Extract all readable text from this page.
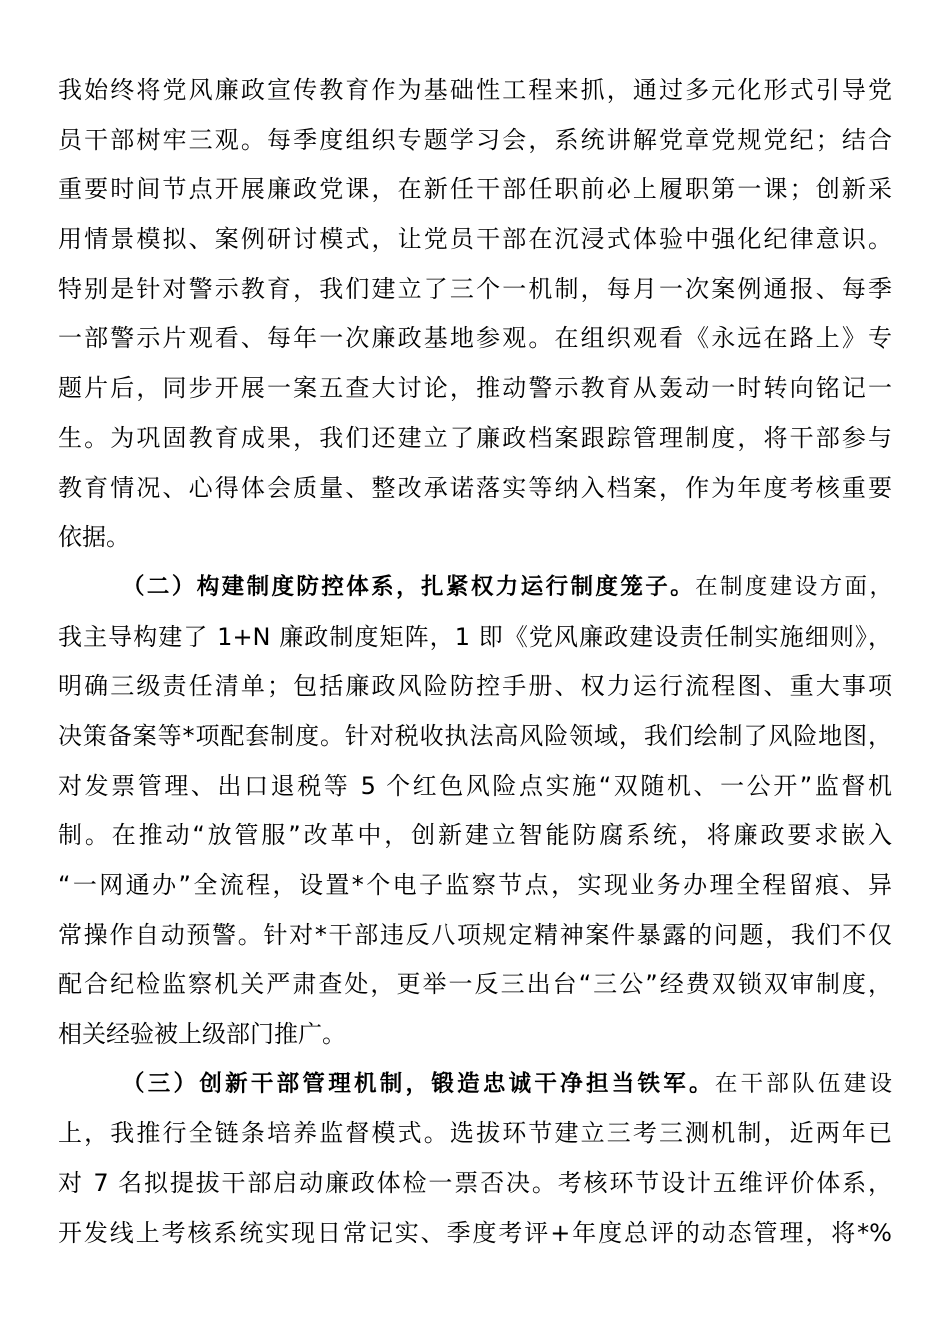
我始终将党风廉政宣传教育作为基础性工程来抓，通过多元化形式引导党
员干部树牢三观。每季度组织专题学习会，系统讲解党章党规党纪；结合
重要时间节点开展廉政党课，在新任干部任职前必上履职第一课；创新采
用情景模拟、案例研讨模式，让党员干部在沉浸式体验中强化纪律意识。
特别是针对警示教育，我们建立了三个一机制，每月一次案例通报、每季
一部警示片观看、每年一次廉政基地参观。在组织观看《永远在路上》专
题片后，同步开展一案五查大讨论，推动警示教育从轰动一时转向铭记一
生。为巩固教育成果，我们还建立了廉政档案跟踪管理制度，将干部参与
教育情况、心得体会质量、整改承诺落实等纳入档案，作为年度考核重要
依据。
（二）构建制度防控体系，扎紧权力运行制度笼子。在制度建设方面，
我主导构建了 1+N 廉政制度矩阵，1 即《党风廉政建设责任制实施细则》，
明确三级责任清单；包括廉政风险防控手册、权力运行流程图、重大事项
决策备案等*项配套制度。针对税收执法高风险领域，我们绘制了风险地图，
对发票管理、出口退税等 5 个红色风险点实施“双随机、一公开”监督机
制。在推动“放管服”改革中，创新建立智能防腐系统，将廉政要求嵌入
“一网通办”全流程，设置*个电子监察节点，实现业务办理全程留痕、异
常操作自动预警。针对*干部违反八项规定精神案件暴露的问题，我们不仅
配合纪检监察机关严肃查处，更举一反三出台“三公”经费双锁双审制度，
相关经验被上级部门推广。
（三）创新干部管理机制，锻造忠诚干净担当铁军。在干部队伍建设
上，我推行全链条培养监督模式。选拔环节建立三考三测机制，近两年已
对 7 名拟提拔干部启动廉政体检一票否决。考核环节设计五维评价体系，
开发线上考核系统实现日常记实、季度考评+年度总评的动态管理，将*%
